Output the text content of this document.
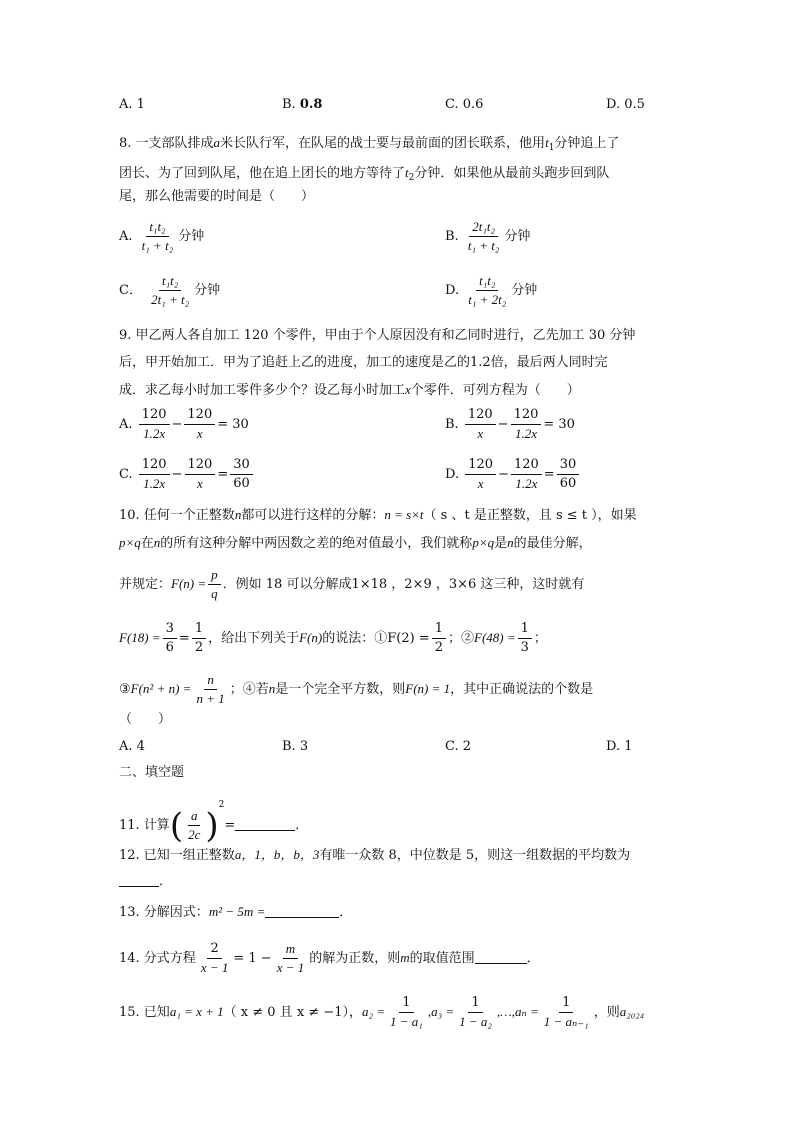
A. 1	B. 0.8	C. 0.6	D. 0.5
8. 一支部队排成a米长队行军，在队尾的战士要与最前面的团长联系，他用$t_1$分钟追上了
团长、为了回到队尾，他在追上团长的地方等待了$t_2$分钟．如果他从最前头跑步回到队
尾，那么他需要的时间是（　　）
A. $\frac{\text{t₁t₂}}{\text{t₁ + t₂}}$ 分钟	B. $\frac{\text{2t₁t₂}}{\text{t₁ + t₂}}$ 分钟
C． $\frac{\text{t₁t₂}}{\text{2t₁ + t₂}}$ 分钟	D. $\frac{\text{t₁t₂}}{\text{t₁ + 2t₂}}$ 分钟
9. 甲乙两人各自加工 120 个零件，甲由于个人原因没有和乙同时进行，乙先加工 30 分钟
后，甲开始加工．甲为了追赶上乙的进度，加工的速度是乙的1.2倍，最后两人同时完
成．求乙每小时加工零件多少个？设乙每小时加工x个零件．可列方程为（　　）
A. $\frac{120}{1.2x} - \frac{120}{x} = 30$	B. $\frac{120}{x} - \frac{120}{1.2x} = 30$
C. $\frac{120}{1.2x} - \frac{120}{x} = \frac{30}{60}$	D. $\frac{120}{x} - \frac{120}{1.2x} = \frac{30}{60}$
10. 任何一个正整数n都可以进行这样的分解：n = s×t（ s 、t 是正整数，且 s ≤ t ），如果
p×q在n的所有这种分解中两因数之差的绝对值最小，我们就称p×q是n的最佳分解，
并规定：$F(n) = \frac{p}{q}$ ．例如 18 可以分解成1×18 ，2×9 ，3×6 这三种，这时就有
$F(18) = \frac{3}{6} = \frac{1}{2}$ ，给出下列关于F(n)的说法：①F(2) = $\frac{1}{2}$ ；②F(48) = $\frac{1}{3}$ ；
③F(n² + $n) = \frac{n}{n + 1}$ ；④若n是一个完全平方数，则F(n) = 1，其中正确说法的个数是
（　　）
A. 4	B. 3	C. 2	D. 1
二、填空题
11. 计算( $\frac{a}{2c} )^2=$	．
12. 已知一组正整数a，1，b，b，3有唯一众数 8，中位数是 5，则这一组数据的平均数为
．
13. 分解因式：m² − 5m =	．
14. 分式方程 $\frac{2}{x - 1} = 1 - \frac{m}{x - 1}$ 的解为正数，则m的取值范围	．
15. 已知a₁ = x + 1（ x ≠ 0 且 x ≠ −1），$a_2 = \frac{1}{\text{1 − a₁}} ,a_3 = \frac{1}{\text{1 − a₂}}$ ,…,aₙ = $\frac{1}{\text{1 − aₙ₋₁}}$ ，则a₂₀₂₄
